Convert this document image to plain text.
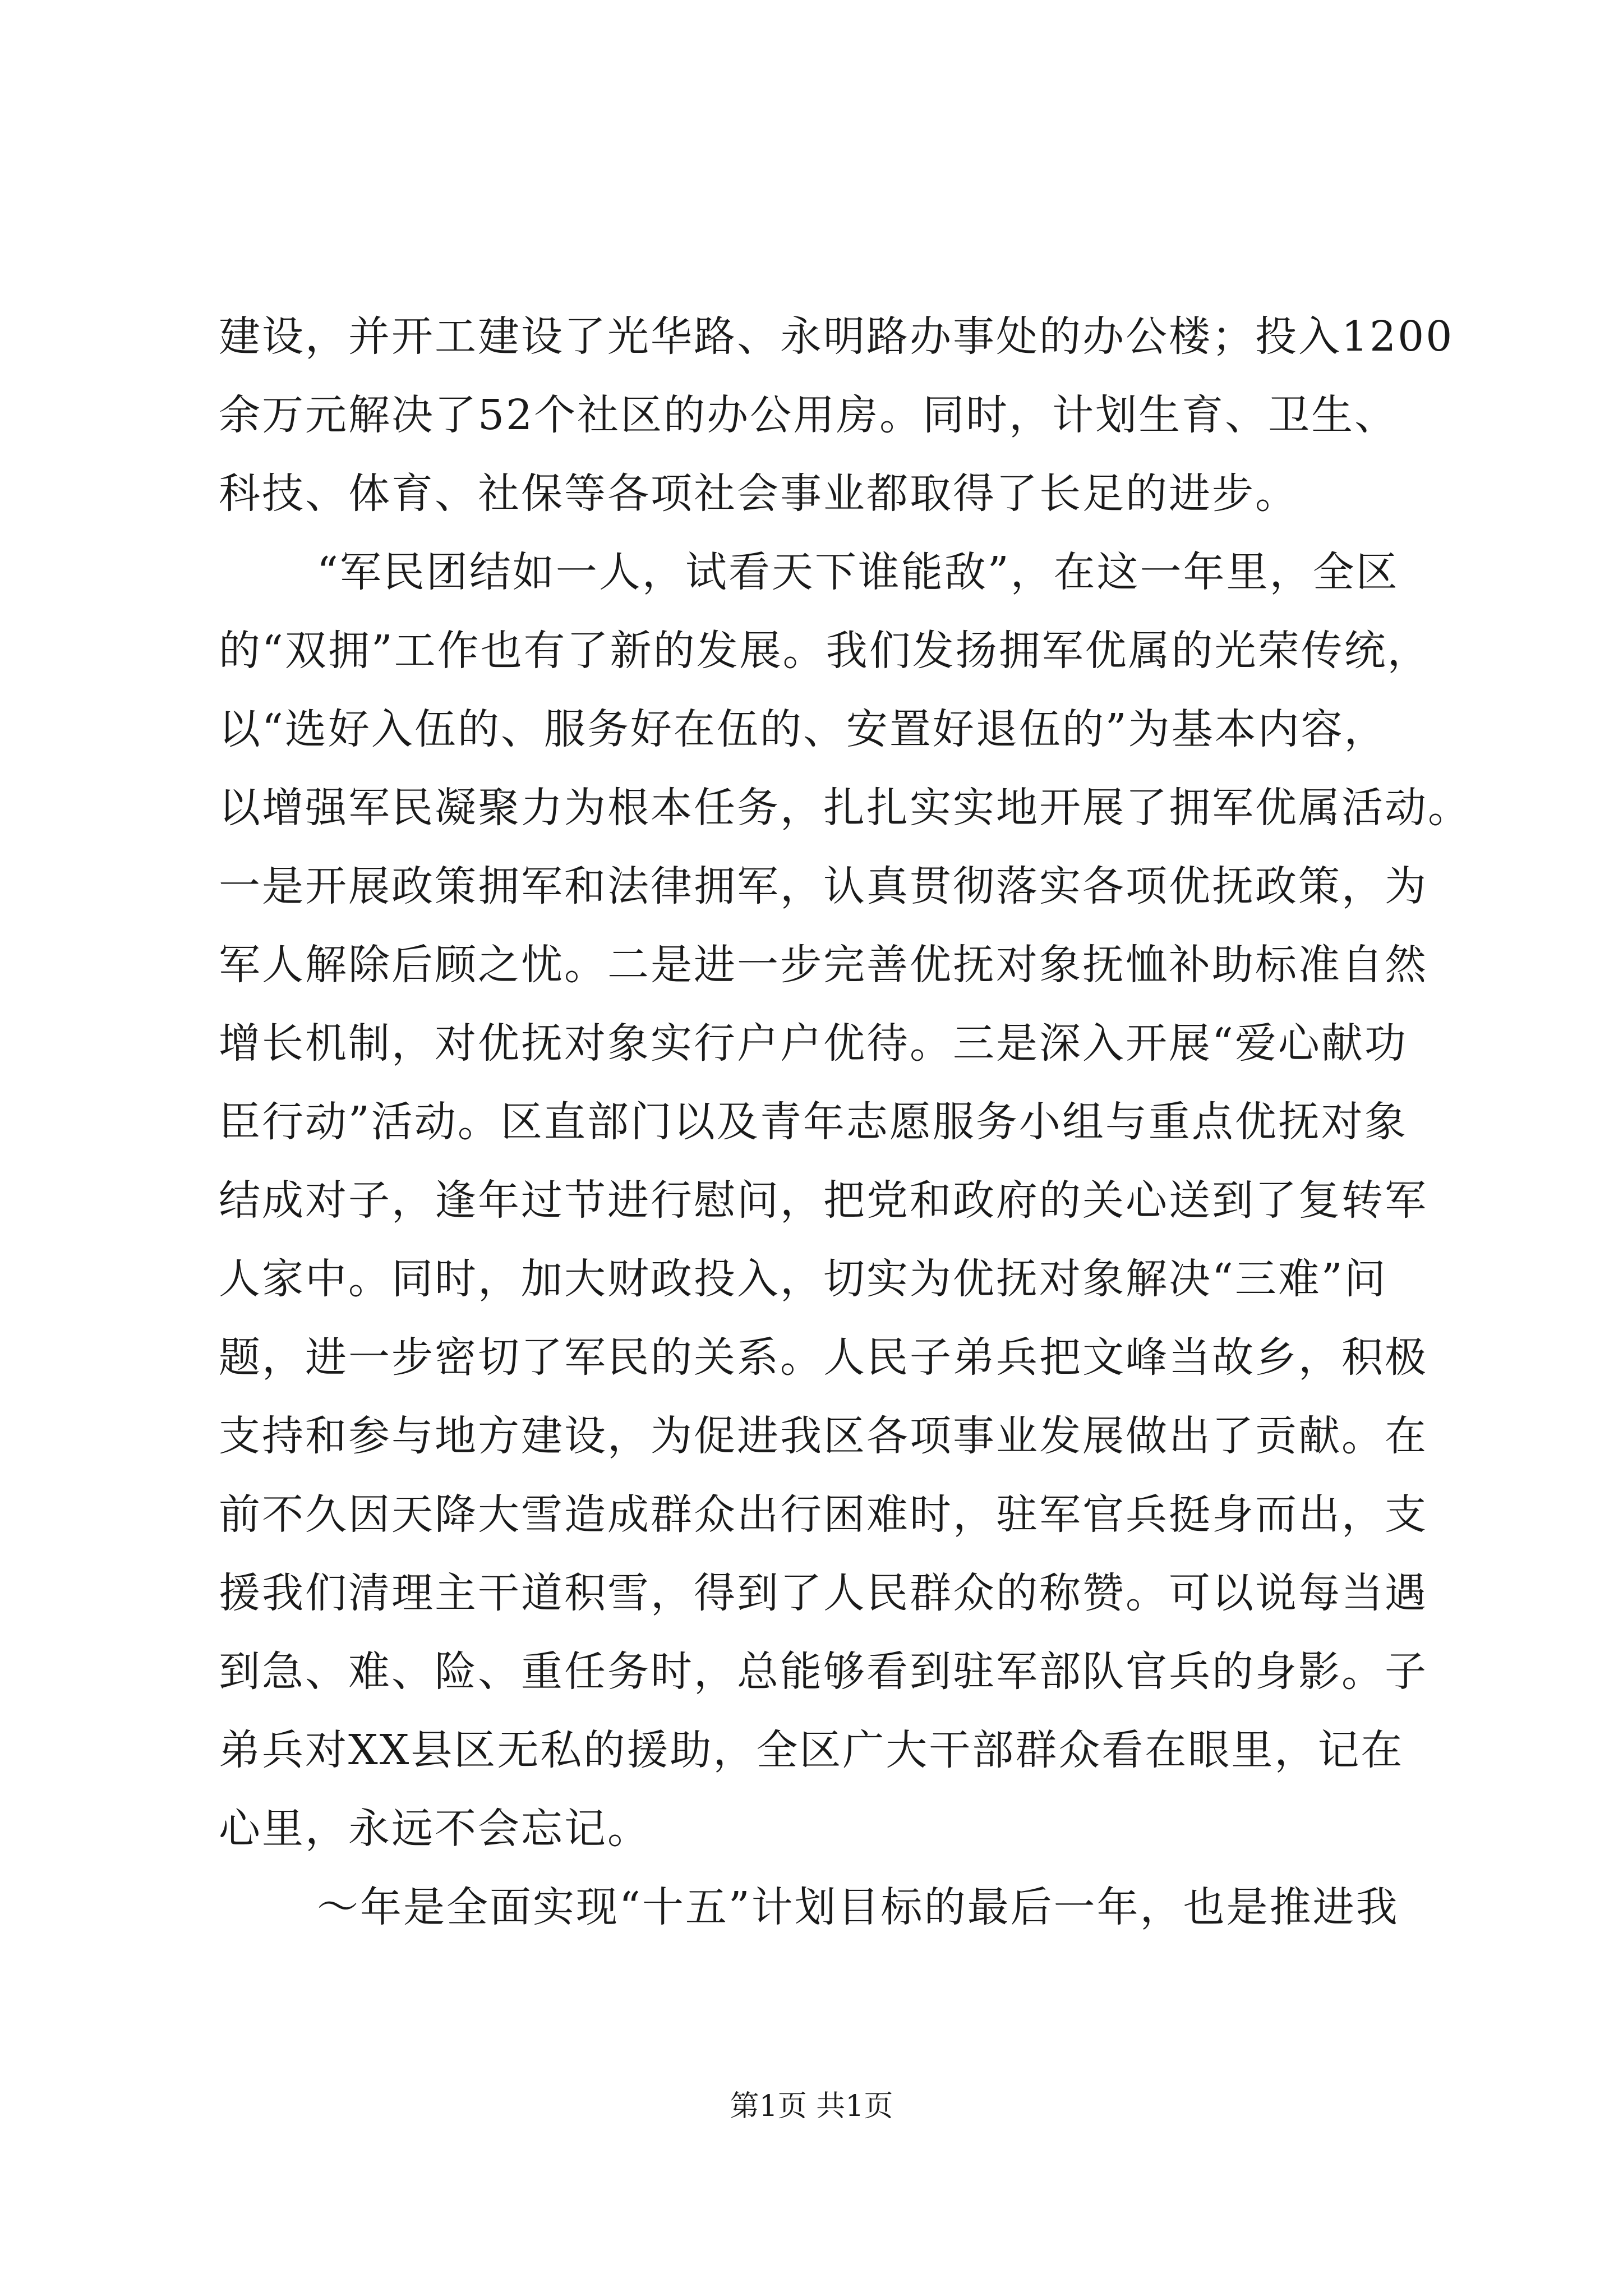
建设，并开工建设了光华路、永明路办事处的办公楼；投入1200
余万元解决了52个社区的办公用房。同时，计划生育、卫生、
科技、体育、社保等各项社会事业都取得了长足的进步。
“军民团结如一人，试看天下谁能敌”，在这一年里，全区
的“双拥”工作也有了新的发展。我们发扬拥军优属的光荣传统，
以“选好入伍的、服务好在伍的、安置好退伍的”为基本内容，
以增强军民凝聚力为根本任务，扎扎实实地开展了拥军优属活动。
一是开展政策拥军和法律拥军，认真贯彻落实各项优抚政策，为
军人解除后顾之忧。二是进一步完善优抚对象抚恤补助标准自然
增长机制，对优抚对象实行户户优待。三是深入开展“爱心献功
臣行动”活动。区直部门以及青年志愿服务小组与重点优抚对象
结成对子，逢年过节进行慰问，把党和政府的关心送到了复转军
人家中。同时，加大财政投入，切实为优抚对象解决“三难”问
题，进一步密切了军民的关系。人民子弟兵把文峰当故乡，积极
支持和参与地方建设，为促进我区各项事业发展做出了贡献。在
前不久因天降大雪造成群众出行困难时，驻军官兵挺身而出，支
援我们清理主干道积雪，得到了人民群众的称赞。可以说每当遇
到急、难、险、重任务时，总能够看到驻军部队官兵的身影。子
弟兵对XX县区无私的援助，全区广大干部群众看在眼里，记在
心里，永远不会忘记。
～年是全面实现“十五”计划目标的最后一年，也是推进我
第1页 共1页
